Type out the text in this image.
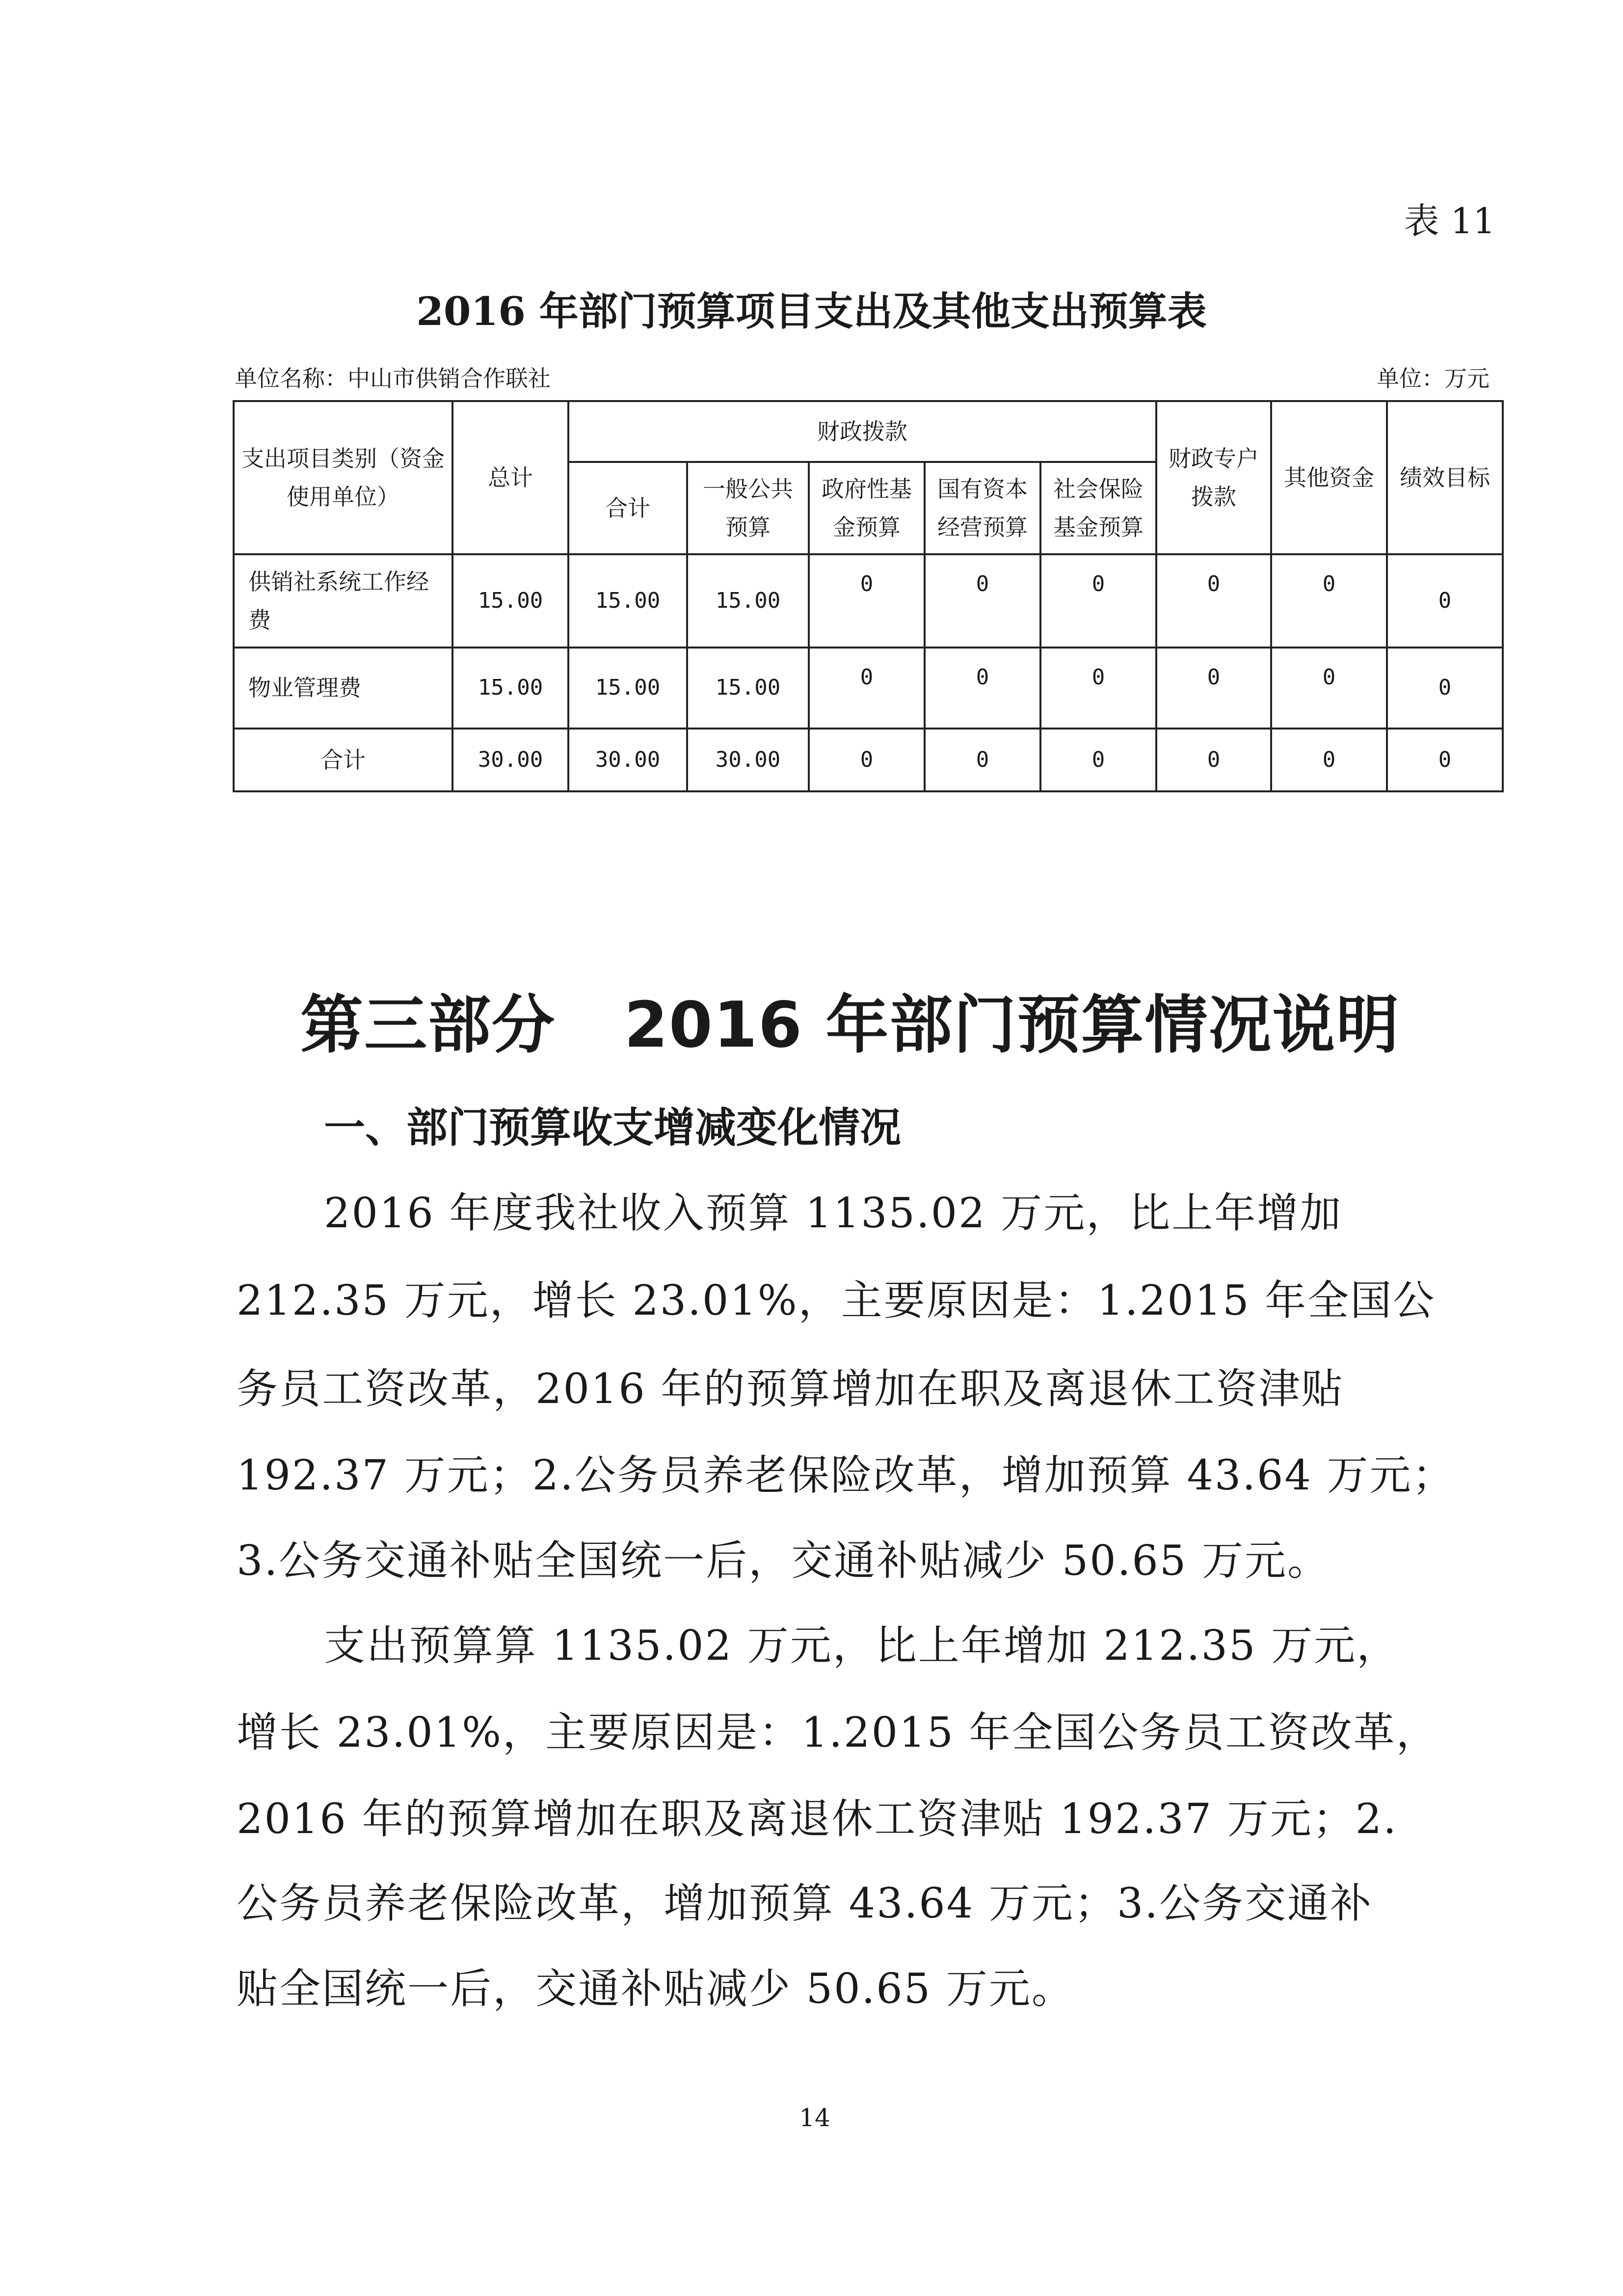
表 11
2016 年部门预算项目支出及其他支出预算表
单位名称：中山市供销合作联社	单位：万元
支出项目类别（资金使用单位）	总计	财政拨款					财政专户拨款	其他资金	绩效目标
		合计	一般公共预算	政府性基金预算	国有资本经营预算	社会保险基金预算			
供销社系统工作经费	15.00	15.00	15.00	0	0	0	0	0	0
物业管理费	15.00	15.00	15.00	0	0	0	0	0	0
合计	30.00	30.00	30.00	0	0	0	0	0	0
第三部分   2016 年部门预算情况说明
一、部门预算收支增减变化情况
2016 年度我社收入预算 1135.02 万元，比上年增加
212.35 万元，增长 23.01%，主要原因是：1.2015 年全国公
务员工资改革，2016 年的预算增加在职及离退休工资津贴
192.37 万元；2.公务员养老保险改革，增加预算 43.64 万元；
3.公务交通补贴全国统一后，交通补贴减少 50.65 万元。
支出预算算 1135.02 万元，比上年增加 212.35 万元，
增长 23.01%，主要原因是：1.2015 年全国公务员工资改革，
2016 年的预算增加在职及离退休工资津贴 192.37 万元；2.
公务员养老保险改革，增加预算 43.64 万元；3.公务交通补
贴全国统一后，交通补贴减少 50.65 万元。
14
